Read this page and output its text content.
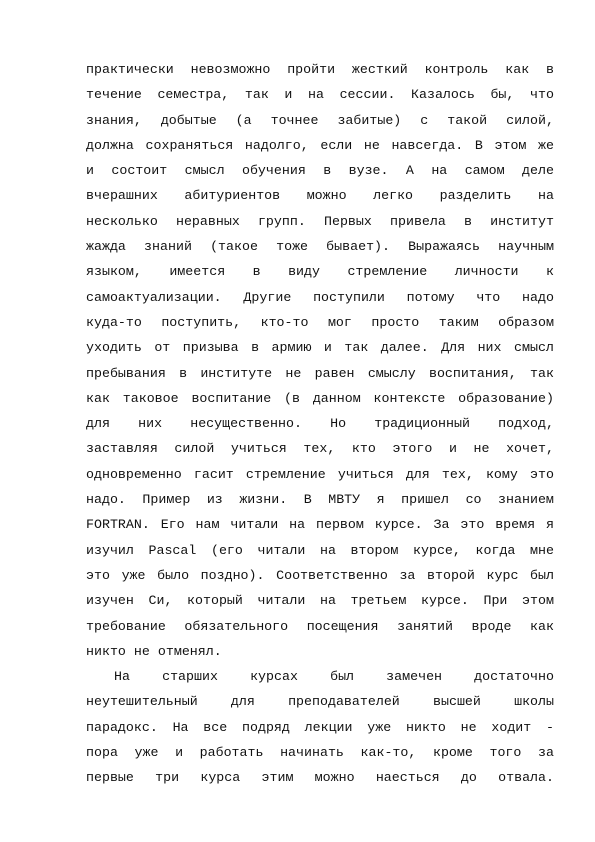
практически невозможно пройти жесткий контроль как в
течение семестра, так и на сессии. Казалось бы, что
знания, добытые (а точнее забитые) с такой силой,
должна сохраняться надолго, если не навсегда. В этом же
и состоит смысл обучения в вузе. А на самом деле
вчерашних абитуриентов можно легко разделить на
несколько неравных групп. Первых привела в институт
жажда знаний (такое тоже бывает). Выражаясь научным
языком, имеется в виду стремление личности к
самоактуализации. Другие поступили потому что надо
куда-то поступить, кто-то мог просто таким образом
уходить от призыва в армию и так далее. Для них смысл
пребывания в институте не равен смыслу воспитания, так
как таковое воспитание (в данном контексте образование)
для них несущественно. Но традиционный подход,
заставляя силой учиться тех, кто этого и не хочет,
одновременно гасит стремление учиться для тех, кому это
надо. Пример из жизни. В МВТУ я пришел со знанием
FORTRAN. Его нам читали на первом курсе. За это время я
изучил Pascal (его читали на втором курсе, когда мне
это уже было поздно). Соответственно за второй курс был
изучен Си, который читали на третьем курсе. При этом
требование обязательного посещения занятий вроде как
никто не отменял.
На старших курсах был замечен достаточно
неутешительный для преподавателей высшей школы
парадокс. На все подряд лекции уже никто не ходит -
пора уже и работать начинать как-то, кроме того за
первые три курса этим можно наесться до отвала.
